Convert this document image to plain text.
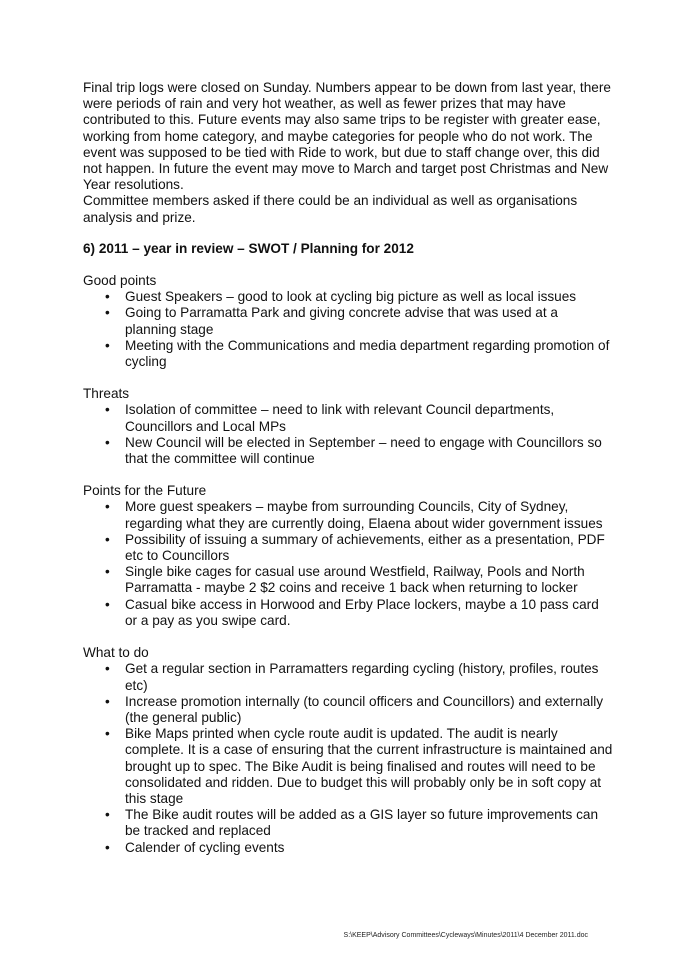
Final trip logs were closed on Sunday. Numbers appear to be down from last year, there were periods of rain and very hot weather, as well as fewer prizes that may have contributed to this. Future events may also same trips to be register with greater ease, working from home category, and maybe categories for people who do not work. The event was supposed to be tied with Ride to work, but due to staff change over, this did not happen. In future the event may move to March and target post Christmas and New Year resolutions.

Committee members asked if there could be an individual as well as organisations analysis and prize.

6) 2011 – year in review – SWOT / Planning for 2012

Good points

• Guest Speakers – good to look at cycling big picture as well as local issues
• Going to Parramatta Park and giving concrete advise that was used at a planning stage
• Meeting with the Communications and media department regarding promotion of cycling

Threats

• Isolation of committee – need to link with relevant Council departments, Councillors and Local MPs
• New Council will be elected in September – need to engage with Councillors so that the committee will continue

Points for the Future

• More guest speakers – maybe from surrounding Councils, City of Sydney, regarding what they are currently doing, Elaena about wider government issues
• Possibility of issuing a summary of achievements, either as a presentation, PDF etc to Councillors
• Single bike cages for casual use around Westfield, Railway, Pools and North Parramatta - maybe 2 $2 coins and receive 1 back when returning to locker
• Casual bike access in Horwood and Erby Place lockers, maybe a 10 pass card or a pay as you swipe card.

What to do

• Get a regular section in Parramatters regarding cycling (history, profiles, routes etc)
• Increase promotion internally (to council officers and Councillors) and externally (the general public)
• Bike Maps printed when cycle route audit is updated. The audit is nearly complete. It is a case of ensuring that the current infrastructure is maintained and brought up to spec. The Bike Audit is being finalised and routes will need to be consolidated and ridden. Due to budget this will probably only be in soft copy at this stage
• The Bike audit routes will be added as a GIS layer so future improvements can be tracked and replaced
• Calender of cycling events
S:\KEEP\Advisory Committees\Cycleways\Minutes\2011\4 December 2011.doc
